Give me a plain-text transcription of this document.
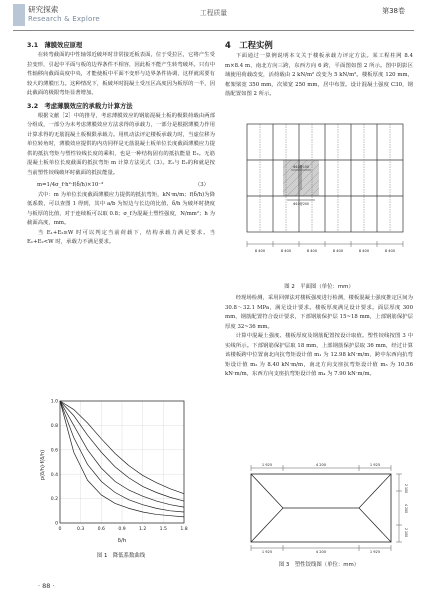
研究探索
Research & Explore
工程质量	第38卷
3.1　薄膜效应原理
在转弯截面的中性轴邻近破坏时非常接近板表面，位于受拉区，它将产生受拉变形，引起中平面与板的边界条件不相容，因此板不能产生转弯破坏。只有中性轴移向截面高度中央，才能使板中平面不变形与边界条件协调，这样就需要有较大的薄膜压力。这种情况下，板破坏时混凝土受压区高度因为板厚的一半，因此截面的极限弯矩显著增加。
3.2　考虑薄膜效应的承载力计算方法
根据文献［2］中的推导，考虑薄膜效应的钢筋混凝土板的极限荷载由两部分组成，一部分为未考虑薄膜效应方法求得的承载力，一部分是根据薄膜力作用计算求得的无筋混凝土板极限承载力。用机动法评定楼板承载力时，当虚位移为单位转角时，薄膜效应提供的内功同样是无筋混凝土板单位长度截面薄膜应力提供的抵抗弯矩与塑性铰线长度的乘积，也是一种结构固有的抵抗能量 E₂。无筋混凝土板单位长度截面的抵抗弯矩 m 计算方法见式（3）。E₁与 E₂的和就是按当前塑性铰线破坏时截面的抵抗能量。
m=1/4σ_f·h²·f(δ/h)×10⁻³	（3）
式中：m 为单位长度截面薄膜应力提供的抵抗弯矩，kN·m/m；f(δ/h)为降低系数，可以查图 1 得到，其中 a/b 为短边与长边的比值，δ/h 为破坏时挠度与板厚的比值，对于连续板可以取 0.8；σ_f为混凝土塑性强度，N/mm²；h 为截面高度，mm。
当 E₁+E₂≥W 时可以判定当前荷载下，结构承载力满足要求。当 E₁+E₂<W 时，承载力不满足要求。
0	0.3	0.6	0.9	1.2	1.5	1.8
0
0.2
0.4
0.6
0.8
1.0
p(δ/h)·f(δ/h)
δ/h
图 1　降低系数曲线
Φ10@150
Φ10@200
8 400	8 400	8 400	8 400	8 400	8 400
图 2　平面图（单位：mm）
4　工程实例
下面通过一算例说明本文关于楼板承载力评定方法。某工程柱网 8.4 m×8.4 m，南北方向三跨，东西方向 6 跨，平面图如图 2 所示。图中阴影区域使用荷载改变，活荷载由 2 kN/m² 改变为 5 kN/m²。楼板厚度 120 mm，框架梁宽 350 mm，次梁宽 250 mm，居中布置。设计混凝土强度 C30，钢筋配置如图 2 所示。
经现场检测，采用回弹法对楼板强度进行检测，楼板混凝土强度推定区间为 30.8～32.1 MPa，满足设计要求。楼板厚度满足设计要求。面层厚度 300 mm，钢筋配置符合设计要求，下部钢筋保护层 15~18 mm，上部钢筋保护层厚度 32~36 mm。
计算中混凝土强度、楼板厚度及钢筋配置按设计取值。塑性铰线按图 3 中实线所示。下部钢筋保护层取 18 mm，上部钢筋保护层取 36 mm，经过计算该楼板跨中位置南北向抗弯矩设计值 m₁ 为 12.98 kN·m/m，跨中东西向抗弯矩设计值 m₂ 为 8.40 kN·m/m，南北方向支座抗弯矩设计值 m₃ 为 10.56 kN·m/m，东西方向支座抗弯矩设计值 m₄ 为 7.90 kN·m/m。
1 925	4 200	1 925
2 100
4 200
2 100
1 925	4 200	1 925
图 3　塑性铰线图（单位：mm）
· 88 ·
